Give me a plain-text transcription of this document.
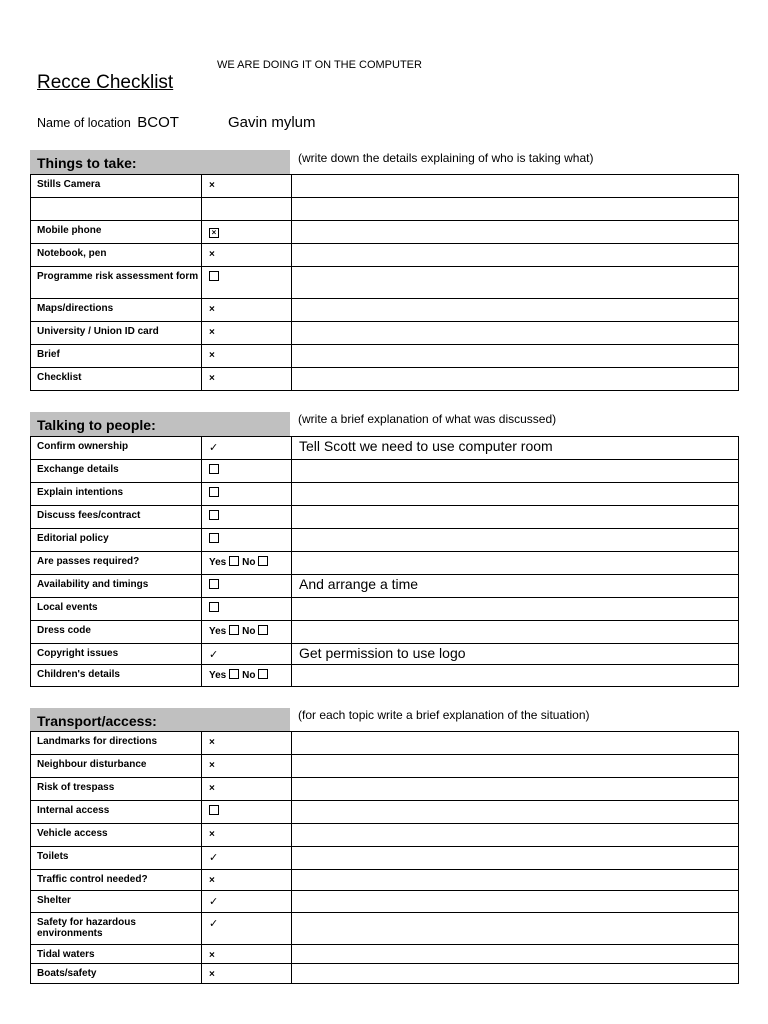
WE ARE DOING IT ON THE COMPUTER
Recce Checklist
Name of location BCOT	Gavin mylum
Things to take:	(write down the details explaining of who is taking what)
Stills Camera	×	

Mobile phone	×	
Notebook, pen	×	
Programme risk assessment form		
Maps/directions	×	
University / Union ID card	×	
Brief	×	
Checklist	×	
Talking to people:	(write a brief explanation of what was discussed)
Confirm ownership	✓	Tell Scott we need to use computer room
Exchange details		
Explain intentions		
Discuss fees/contract		
Editorial policy		
Are passes required?	Yes No	
Availability and timings		And arrange a time
Local events		
Dress code	Yes No	
Copyright issues	✓	Get permission to use logo
Children's details	Yes No	
Transport/access:	(for each topic write a brief explanation of the situation)
Landmarks for directions	×	
Neighbour disturbance	×	
Risk of trespass	×	
Internal access		
Vehicle access	×	
Toilets	✓	
Traffic control needed?	×	
Shelter	✓	
Safety for hazardous environments	✓	
Tidal waters	×	
Boats/safety	×	
